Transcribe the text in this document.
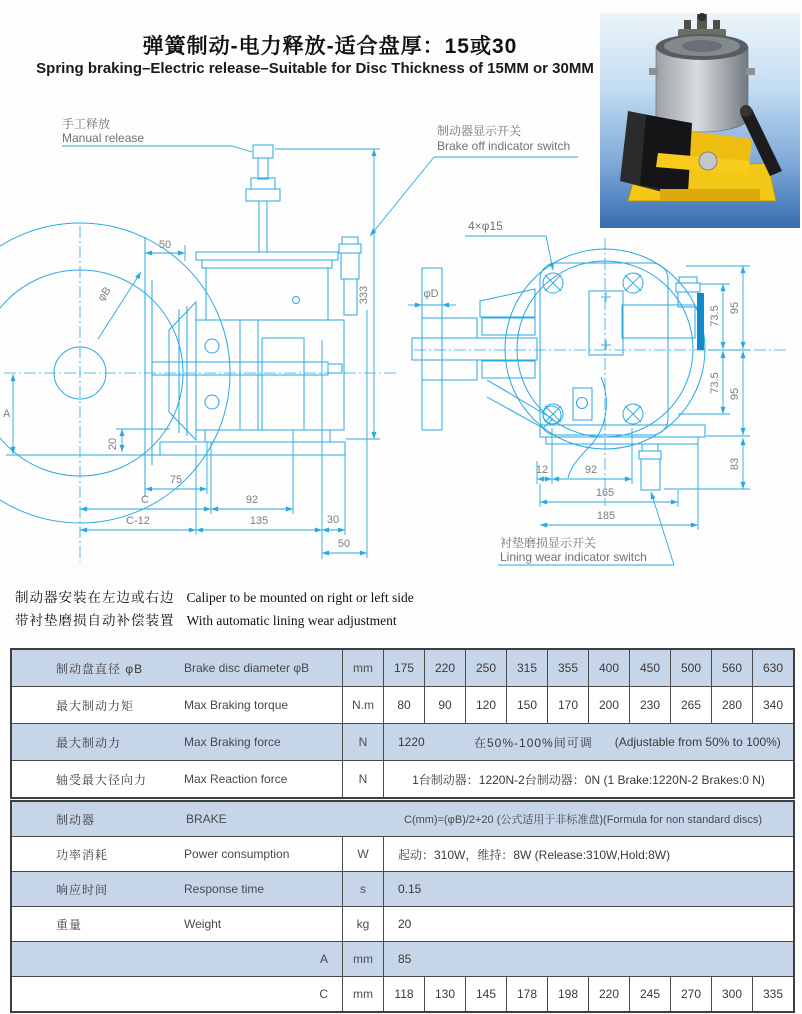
弹簧制动-电力释放-适合盘厚：15或30
Spring braking–Electric release–Suitable for Disc Thickness of 15MM or 30MM
手工释放
Manual release
50
φB
A
20
333
75
C	92
C-12	135	30
50
制动器显示开关
Brake off indicator switch
4×φ15
衬垫磨损显示开关
Lining wear indicator switch
φD
73.5 95
73.5
95
83
12	92
165
185
制动器安装在左边或右边 Caliper to be mounted on right or left side
带衬垫磨损自动补偿装置 With automatic lining wear adjustment
制动盘直径 φB	Brake disc diameter φB	mm	175	220	250	315	355	400	450	500	560	630
最大制动力矩	Max Braking torque	N.m	80	90	120	150	170	200	230	265	280	340
最大制动力	Max Braking force	N	1220	在50%-100%间可调 (Adjustable from 50% to 100%)
轴受最大径向力	Max Reaction force	N	1台制动器：1220N-2台制动器：0N (1 Brake:1220N-2 Brakes:0 N)
制动器	BRAKE	C(mm)=(φB)/2+20 (公式适用于非标准盘)(Formula for non standard discs)
功率消耗	Power consumption	W	起动：310W，维持：8W (Release:310W,Hold:8W)
响应时间	Response time	s	0.15
重量	Weight	kg	20
A	mm	85
C	mm	118	130	145	178	198	220	245	270	300	335
